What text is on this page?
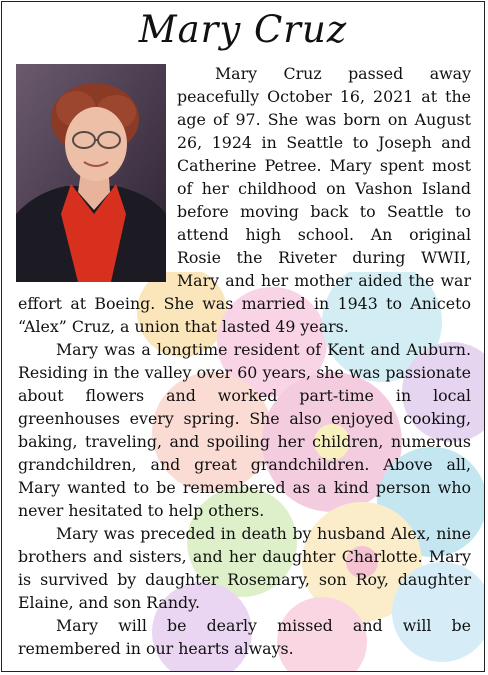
Mary Cruz

Mary Cruz passed away peacefully October 16, 2021 at the age of 97. She was born on August 26, 1924 in Seattle to Joseph and Catherine Petree. Mary spent most of her childhood on Vashon Island before moving back to Seattle to attend high school. An original Rosie the Riveter during WWII, Mary and her mother aided the war effort at Boeing. She was married in 1943 to Aniceto “Alex” Cruz, a union that lasted 49 years.

Mary was a longtime resident of Kent and Auburn. Residing in the valley over 60 years, she was passionate about flowers and worked part-time in local greenhouses every spring. She also enjoyed cooking, baking, traveling, and spoiling her children, numerous grandchildren, and great grandchildren. Above all, Mary wanted to be remembered as a kind person who never hesitated to help others.

Mary was preceded in death by husband Alex, nine brothers and sisters, and her daughter Charlotte. Mary is survived by daughter Rosemary, son Roy, daughter Elaine, and son Randy.

Mary will be dearly missed and will be remembered in our hearts always.
